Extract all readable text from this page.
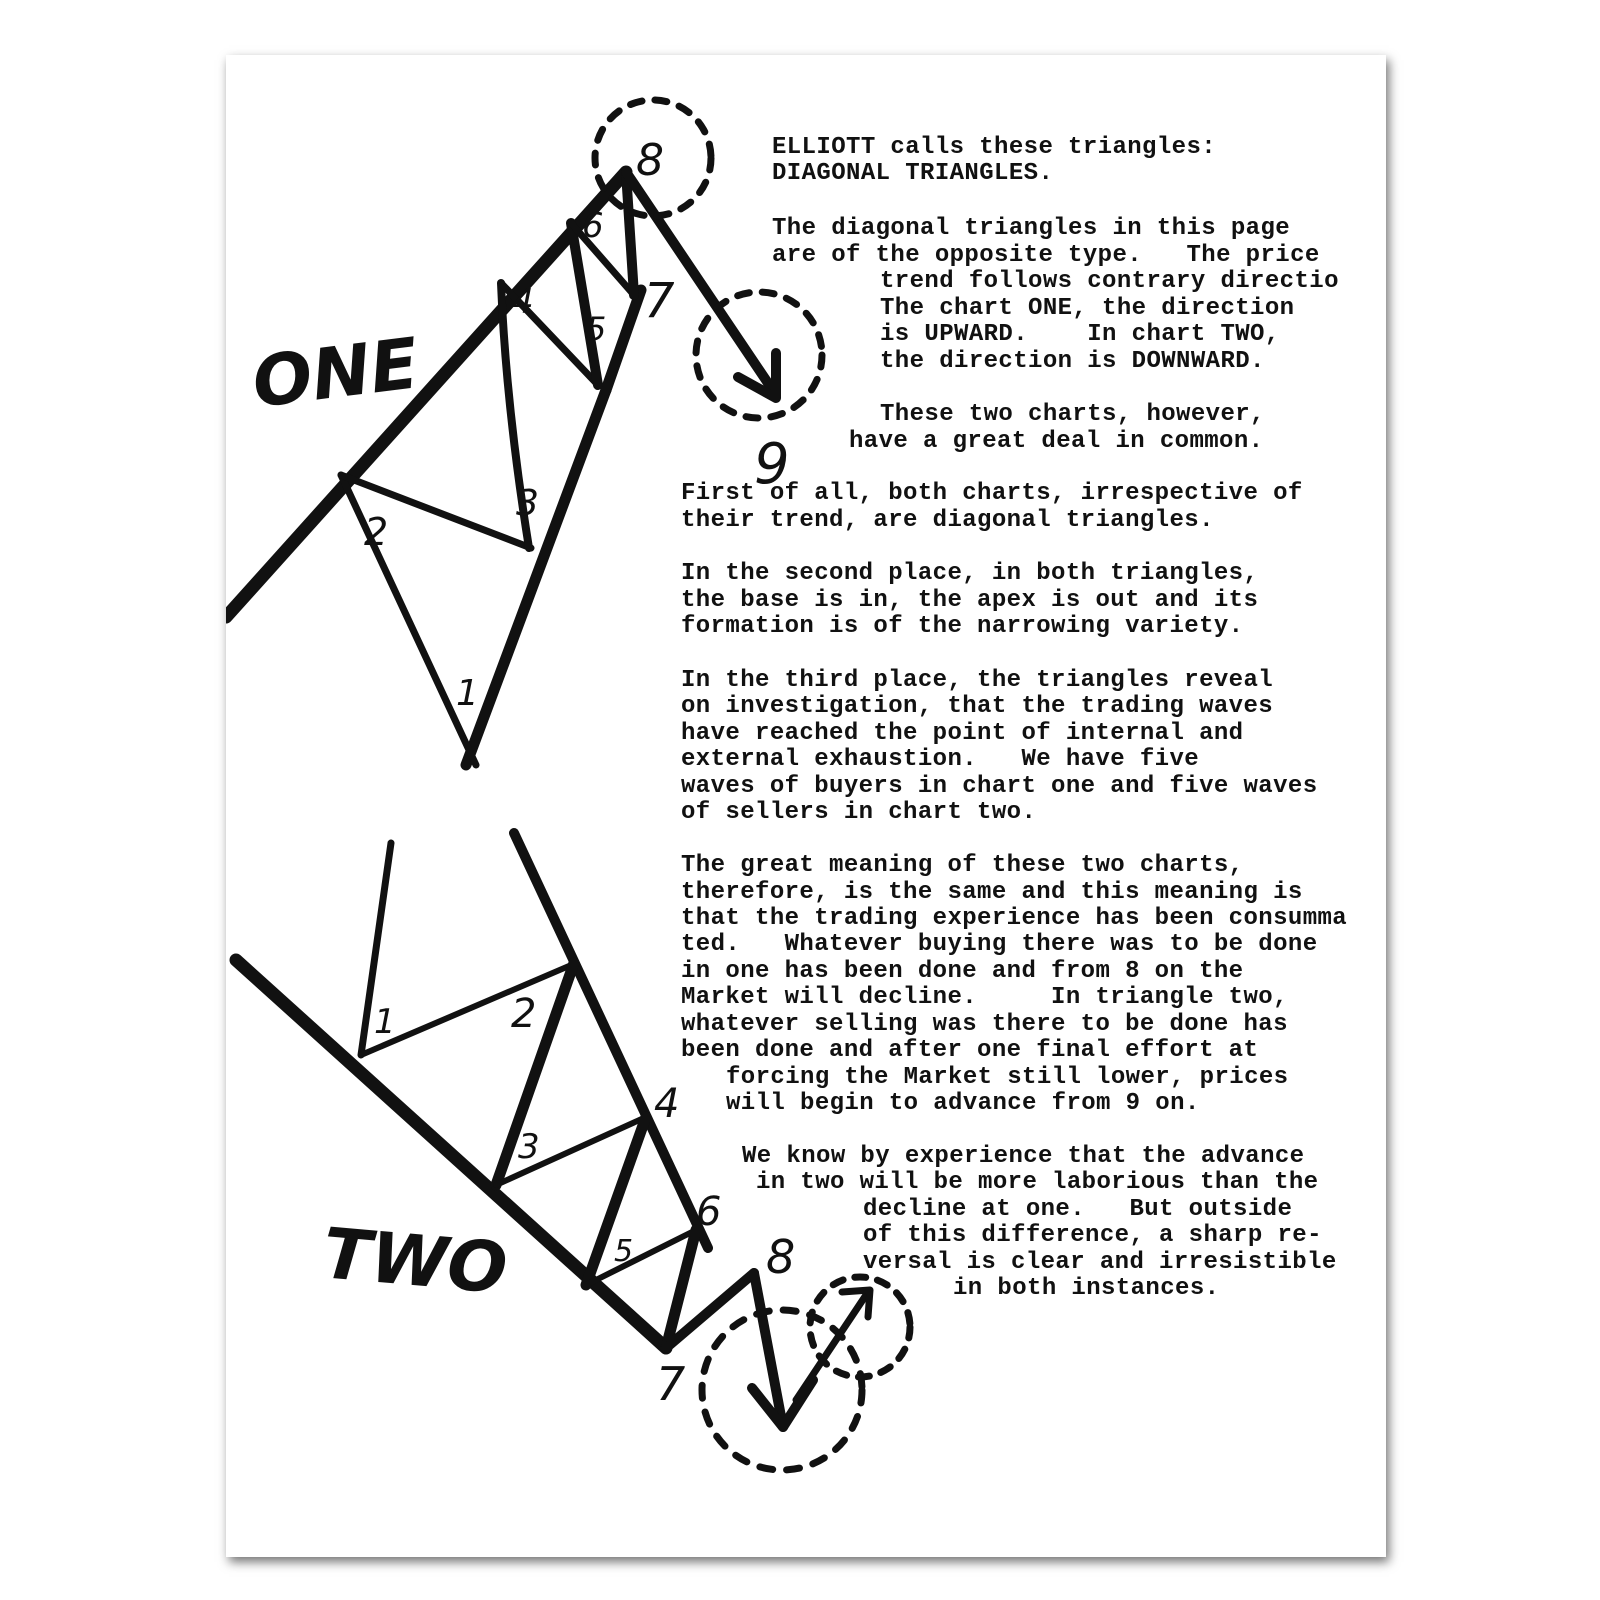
ONE
TWO
1
2
3
4
5
6
7
8
9
1	2
3
4
5
6
7
8

ELLIOTT calls these triangles:

DIAGONAL TRIANGLES.

The diagonal triangles in this page

are of the opposite type.   The price

trend follows contrary directio

The chart ONE, the direction

is UPWARD.    In chart TWO,

the direction is DOWNWARD.

These two charts, however,

have a great deal in common.

First of all, both charts, irrespective of

their trend, are diagonal triangles.

In the second place, in both triangles,

the base is in, the apex is out and its

formation is of the narrowing variety.

In the third place, the triangles reveal

on investigation, that the trading waves

have reached the point of internal and

external exhaustion.   We have five

waves of buyers in chart one and five waves

of sellers in chart two.

The great meaning of these two charts,

therefore, is the same and this meaning is

that the trading experience has been consumma

ted.   Whatever buying there was to be done

in one has been done and from 8 on the

Market will decline.     In triangle two,

whatever selling was there to be done has

been done and after one final effort at

forcing the Market still lower, prices

will begin to advance from 9 on.

We know by experience that the advance

in two will be more laborious than the

decline at one.   But outside

of this difference, a sharp re-

versal is clear and irresistible

in both instances.
